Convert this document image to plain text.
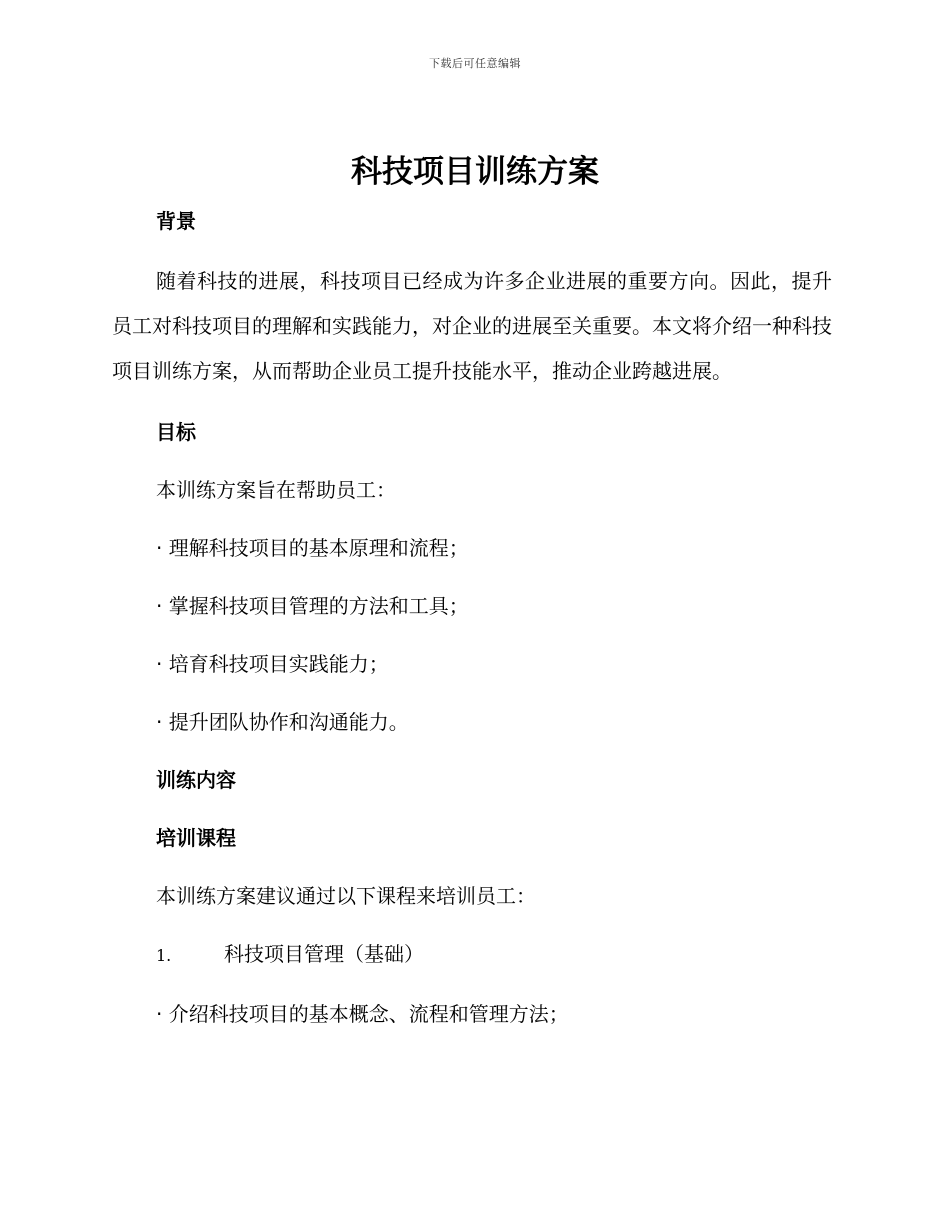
下载后可任意编辑
科技项目训练方案
背景

随着科技的进展，科技项目已经成为许多企业进展的重要方向。因此，提升员工对科技项目的理解和实践能力，对企业的进展至关重要。本文将介绍一种科技项目训练方案，从而帮助企业员工提升技能水平，推动企业跨越进展。

目标

本训练方案旨在帮助员工：

· 理解科技项目的基本原理和流程；

· 掌握科技项目管理的方法和工具；

· 培育科技项目实践能力；

· 提升团队协作和沟通能力。

训练内容
培训课程

本训练方案建议通过以下课程来培训员工：

1.	科技项目管理（基础）

· 介绍科技项目的基本概念、流程和管理方法；
